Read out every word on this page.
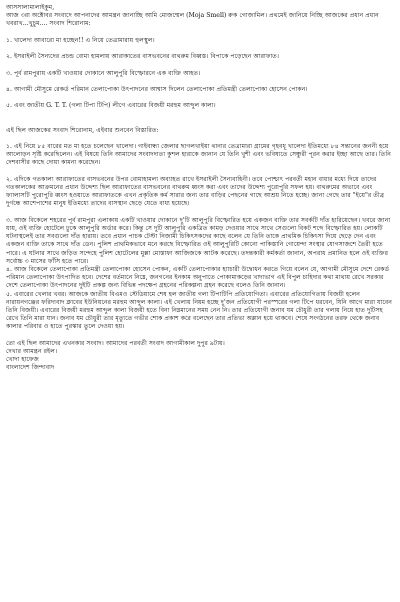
আসসালামালাইকুম,

আজ ৩রা অক্টোবর সংবাদে আপনাদের আমন্ত্রন জানাচ্ছি আমি মোজম্মেল (Moja Smell) রুক গোজামিল। প্রথমেই জানিয়ে নিচ্ছি আজকের প্রধান প্রধান খবরাখ...খুচুম.... সংবাদ শিরোনাম:

১. খালেদা আবারো মা হচ্ছেন!! এ নিয়ে তেত্রামারায় হুলস্থুল।

২. ইসরাইলী সৈন্যদের প্রচন্ড বোমা হামলায় আরাকাতের বাসভবনের বাথরুম বিধ্বস্ত। বিপাকে পড়েছেন আরাফাত।

৩. পূর্ব রামপুরায় একটি খাওয়ার দোকানে আলুপুরি বিস্ফোরনে এক ব্যক্তি আহত।

৪. আগামী মৌসুমে রেকর্ড পরিমান তেলাপোকা উৎপাদনের আশ্বাস দিলেন তেলাপোকা প্রতিমন্ত্রী তেলাপোকা হোসেন পোকন।

৫. এবং জাতীয় G. T. T. (গলা টিপা টিপি) লীগে এবারের বিজয়ী মরহুম আব্দুল কালা।

এই ছিল আজকের সংবাদ শিরোনাম, এইবার শুনবেন বিস্তারিত:

১. এই নিয়ে ৮৫ বারের মত মা হতে চলেছেন খালেদা। গাইবান্ধা জেলার ছাগলখাইয়া থানার তেত্রামারা গ্রামের গৃহবধূ খালেদা ইতিমধ্যে ৮৪ সন্তানের জননী হয়ে আলোড়ন সৃষ্টি করেছিলেন। এই বিষয়ে তিনি আমাদের সংবাদদাতা কুশল হারাকে জানান যে তিনি খুশী এবং ভবিষ্যতে সেঞ্চুরী পূরন করার ইচ্ছা আছে তার। তিনি দেশবাসীর কাছে দোয়া কামনা করেছেন।

২. এদিকে গতকাল্য আরাফাতের বাসভবনের উপর বোমাহামলা অব্যাহত রাখে ইসরাইলী সৈন্যবাহিনী। তবে পোশ্চাৎ পরবর্তী মহান বাধার মধ্যে দিয়ে তাদের গতকালকের আক্রমনের প্রধান উদ্দেশ্য ছিল আরাফাতের বাসভবনের বাথরুম ধ্বংস করা এবং তাদের উদ্দেশ্য পুরোপুরি সফল হয়। বাথরুমের অভাবে এবং ফ্যালাসটি পুরোপুরি ধ্বংস হওয়াতে আরাফাতকে এখন প্রকৃতিক কর্ম সারার জন্য তার বাড়ির পেছনের গাছে আশ্রয় নিতে হচ্ছে। জানা গেছে তার "ইয়ে"র তীব্র দুর্গন্ধে আশেপাশের মানুষ ইতিমধ্যে তাদের বাসস্থান ছেড়ে যেতে বাধ্য হয়েছে।

৩. আজ বিকেলে শহরের পূর্ব রামপুরা এলাকায় একটি খাওয়ার দোকানে দু'টি আলুপুরি বিস্ফোরিত হয়ে একজন ব্যক্তি তার সবর্কটি দাঁত হারিয়েছেন। খবরে জানা যায়, ওই ব্যক্তি হোটেলে ঢুকে আলুপুরি অর্ডার করে। কিন্তু সে দুটি আলুপুরি একত্রিত কামড় দেওয়ার সাথে সাথে সেগুলো বিকট শব্দে বিস্ফোরিত হয়। লোকটি ঘটনাস্থলেই তার সবগুলো দাঁত হারায়। তবে প্রধান পাচক টেস্টা নিজামী চিকিৎসকদের কাছে বলেন যে তিনি তাকে প্রাথমিক চিকিৎসা দিয়ে ছেড়ে দেন এবং একজন ব্যক্তি তাকে সাথে দাঁত ডেন। পুলিশ প্রাথমিকভাবে মনে করছে বিস্ফোরিত ওই আলুপুরিটি কোনো পাকিস্তানি গোয়েন্দা সংস্থার যোগসাজশে তৈরী হতে পারে। এ ঘটনার সাথে জড়িত সন্দেহে পুলিশ হোটেলের মুল্লা মোস্তাফা আজিজকে আটক করেছে। তদন্তকারী কর্মকর্তা জানান, অপরাধ প্রমানিত হলে ওই ব্যক্তির সর্বোচ্চ ৩ মাসের ফাঁসি হতে পারে।

৪. আজ বিকেলে তেলাপোকা প্রতিমন্ত্রী তেলাপোকা হোসেন পোকন, একটি তেলাপোকার হ্যাচারী উদ্বোধন করতে গিয়ে বলেন যে, আগামী মৌসুমে দেশে রেকর্ড পরিমান তেলাপোকা উৎপাদিত হবে। দেশের বর্তমানে নিম্নে, জনগনের ইনকাম অনুপাতে পোকামাকড়ের খাদ্যভাগ এই বিপুল চাহিদার কথা মাথায় রেখে সরকার দেশে তেলাপোকা উৎপাদনের দুইটি প্রকল্প জন্য বিভিন্ন পদক্ষেপ গ্রহনের পরিকল্পনা গ্রহন করেছে বলেও তিনি জানান।

৫. এবারের খেলার খবর। আজকে জাতীয় বিএমও স্টেডিয়ামে শেষ হল জাতীয় গলা টিপাটিপি প্রতিযোগিতা। এবারের প্রতিযোগিতায় বিজয়ী হলেন নারায়নগঞ্জের ফরিদাবাদ ক্লাবের ইউনিয়নের মরহুম আব্দুল কালা। এই খেলায় নিয়ম হচ্ছে দু'জন প্রতিযোগী পরস্পরের গলা টিপে ধরবেন, যিনি আগে মারা যাবেন তিনি বিজয়ী। এবারের বিজয়ী মরহুম আব্দুল কালা বিজয়ী হতে বিনা নিম্নমানের সময় নেন নি। তার প্রতিযোগী জনাব যম চৌধুরী তার গলায় নিয়ে হাত দুটিসহ রেখে তিনি মারা যান। জনাব যম চৌধুরী তার মৃত্যুতে গভীর শোক প্রকাশ করে বলেছেন তার প্রতিভা অম্লান হয়ে থাকবে। শেষে সংগঠনের তরফ থেকে জনাব কালার পরিবার ও হাতে পুরস্কার তুলে দেওয়া হয়।

তো এই ছিল আমাদের এখনকার সংবাদ। আমাদের পরবর্তী সংবাদ আগামীকাল দুপুর ৯টায়।

দেখার আমন্ত্রন রইল।

খোদা হাফেজ

বাংলাদেশ জিন্দাবাদ
